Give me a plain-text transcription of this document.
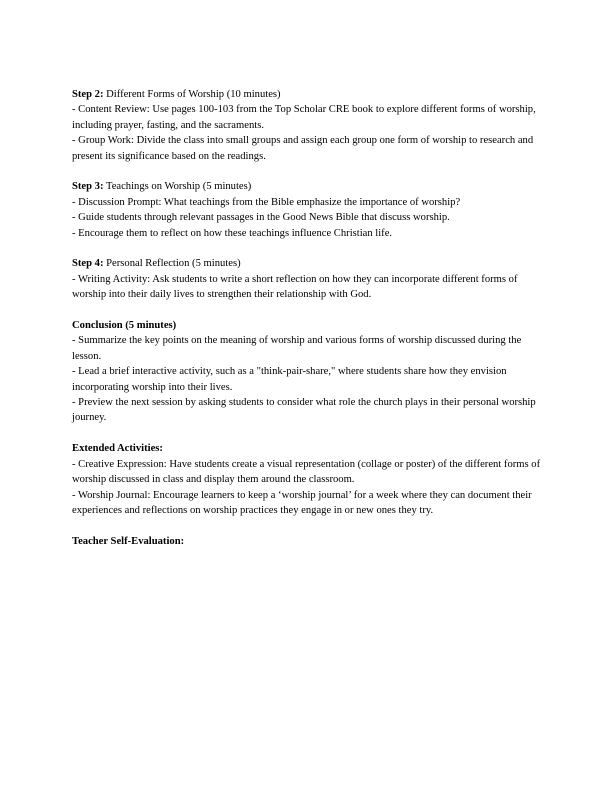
Step 2: Different Forms of Worship (10 minutes)

- Content Review: Use pages 100-103 from the Top Scholar CRE book to explore different forms of worship, including prayer, fasting, and the sacraments.

- Group Work: Divide the class into small groups and assign each group one form of worship to research and present its significance based on the readings.

Step 3: Teachings on Worship (5 minutes)

- Discussion Prompt: What teachings from the Bible emphasize the importance of worship?

- Guide students through relevant passages in the Good News Bible that discuss worship.

- Encourage them to reflect on how these teachings influence Christian life.

Step 4: Personal Reflection (5 minutes)

- Writing Activity: Ask students to write a short reflection on how they can incorporate different forms of worship into their daily lives to strengthen their relationship with God.

Conclusion (5 minutes)

- Summarize the key points on the meaning of worship and various forms of worship discussed during the lesson.

- Lead a brief interactive activity, such as a "think-pair-share," where students share how they envision incorporating worship into their lives.

- Preview the next session by asking students to consider what role the church plays in their personal worship journey.

Extended Activities:

- Creative Expression: Have students create a visual representation (collage or poster) of the different forms of worship discussed in class and display them around the classroom.

- Worship Journal: Encourage learners to keep a ‘worship journal’ for a week where they can document their experiences and reflections on worship practices they engage in or new ones they try.

Teacher Self-Evaluation:
